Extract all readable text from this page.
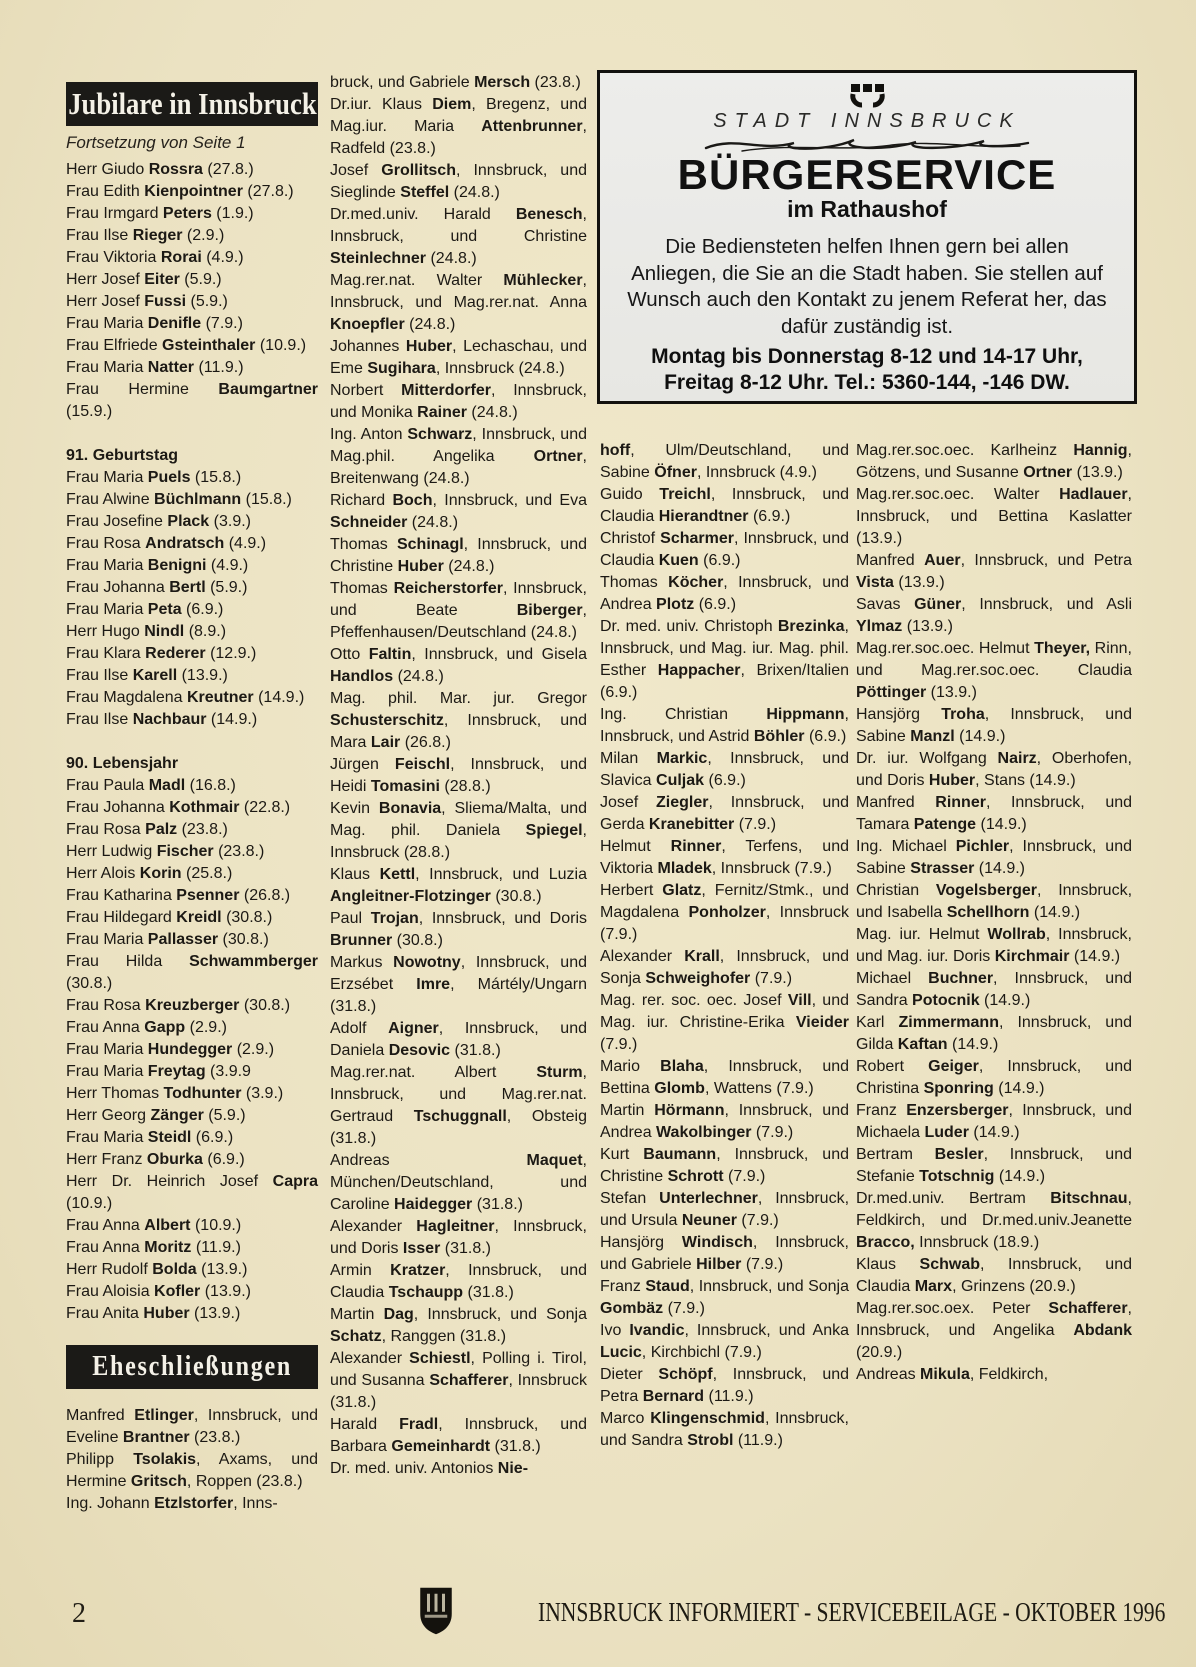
Jubilare in Innsbruck

Fortsetzung von Seite 1

Herr Giudo Rossra (27.8.)

Frau Edith Kienpointner (27.8.)

Frau Irmgard Peters (1.9.)

Frau Ilse Rieger (2.9.)

Frau Viktoria Rorai (4.9.)

Herr Josef Eiter (5.9.)

Herr Josef Fussi (5.9.)

Frau Maria Denifle (7.9.)

Frau Elfriede Gsteinthaler (10.9.)

Frau Maria Natter (11.9.)

Frau Hermine Baumgartner (15.9.)

91. Geburtstag

Frau Maria Puels (15.8.)

Frau Alwine Büchlmann (15.8.)

Frau Josefine Plack (3.9.)

Frau Rosa Andratsch (4.9.)

Frau Maria Benigni (4.9.)

Frau Johanna Bertl (5.9.)

Frau Maria Peta (6.9.)

Herr Hugo Nindl (8.9.)

Frau Klara Rederer (12.9.)

Frau Ilse Karell (13.9.)

Frau Magdalena Kreutner (14.9.)

Frau Ilse Nachbaur (14.9.)

90. Lebensjahr

Frau Paula Madl (16.8.)

Frau Johanna Kothmair (22.8.)

Frau Rosa Palz (23.8.)

Herr Ludwig Fischer (23.8.)

Herr Alois Korin (25.8.)

Frau Katharina Psenner (26.8.)

Frau Hildegard Kreidl (30.8.)

Frau Maria Pallasser (30.8.)

Frau Hilda Schwammberger (30.8.)

Frau Rosa Kreuzberger (30.8.)

Frau Anna Gapp (2.9.)

Frau Maria Hundegger (2.9.)

Frau Maria Freytag (3.9.9

Herr Thomas Todhunter (3.9.)

Herr Georg Zänger (5.9.)

Frau Maria Steidl (6.9.)

Herr Franz Oburka (6.9.)

Herr Dr. Heinrich Josef Capra (10.9.)

Frau Anna Albert (10.9.)

Frau Anna Moritz (11.9.)

Herr Rudolf Bolda (13.9.)

Frau Aloisia Kofler (13.9.)

Frau Anita Huber (13.9.)

Eheschließungen

Manfred Etlinger, Innsbruck, und Eveline Brantner (23.8.)

Philipp Tsolakis, Axams, und Hermine Gritsch, Roppen (23.8.)

Ing. Johann Etzlstorfer, Inns-

bruck, und Gabriele Mersch (23.8.)

Dr.iur. Klaus Diem, Bregenz, und Mag.iur. Maria Attenbrunner, Radfeld (23.8.)

Josef Grollitsch, Innsbruck, und Sieglinde Steffel (24.8.)

Dr.med.univ. Harald Benesch, Innsbruck, und Christine Steinlechner (24.8.)

Mag.rer.nat. Walter Mühlecker, Innsbruck, und Mag.rer.nat. Anna Knoepfler (24.8.)

Johannes Huber, Lechaschau, und Eme Sugihara, Innsbruck (24.8.)

Norbert Mitterdorfer, Innsbruck, und Monika Rainer (24.8.)

Ing. Anton Schwarz, Innsbruck, und Mag.phil. Angelika Ortner, Breitenwang (24.8.)

Richard Boch, Innsbruck, und Eva Schneider (24.8.)

Thomas Schinagl, Innsbruck, und Christine Huber (24.8.)

Thomas Reicherstorfer, Innsbruck, und Beate Biberger, Pfeffenhausen/Deutschland (24.8.)

Otto Faltin, Innsbruck, und Gisela Handlos (24.8.)

Mag. phil. Mar. jur. Gregor Schusterschitz, Innsbruck, und Mara Lair (26.8.)

Jürgen Feischl, Innsbruck, und Heidi Tomasini (28.8.)

Kevin Bonavia, Sliema/Malta, und Mag. phil. Daniela Spiegel, Innsbruck (28.8.)

Klaus Kettl, Innsbruck, und Luzia Angleitner-Flotzinger (30.8.)

Paul Trojan, Innsbruck, und Doris Brunner (30.8.)

Markus Nowotny, Innsbruck, und Erzsébet Imre, Mártély/Ungarn (31.8.)

Adolf Aigner, Innsbruck, und Daniela Desovic (31.8.)

Mag.rer.nat. Albert Sturm, Innsbruck, und Mag.rer.nat. Gertraud Tschuggnall, Obsteig (31.8.)

Andreas Maquet, München/Deutschland, und Caroline Haidegger (31.8.)

Alexander Hagleitner, Innsbruck, und Doris Isser (31.8.)

Armin Kratzer, Innsbruck, und Claudia Tschaupp (31.8.)

Martin Dag, Innsbruck, und Sonja Schatz, Ranggen (31.8.)

Alexander Schiestl, Polling i. Tirol, und Susanna Schafferer, Innsbruck (31.8.)

Harald Fradl, Innsbruck, und Barbara Gemeinhardt (31.8.)

Dr. med. univ. Antonios Nie-

STADT INNSBRUCK
BÜRGERSERVICE
im Rathaushof

Die Bediensteten helfen Ihnen gern bei allen Anliegen, die Sie an die Stadt haben. Sie stellen auf Wunsch auch den Kontakt zu jenem Referat her, das dafür zuständig ist.

Montag bis Donnerstag 8-12 und 14-17 Uhr,
Freitag 8-12 Uhr. Tel.: 5360-144, -146 DW.

hoff, Ulm/Deutschland, und Sabine Öfner, Innsbruck (4.9.)

Guido Treichl, Innsbruck, und Claudia Hierandtner (6.9.)

Christof Scharmer, Innsbruck, und Claudia Kuen (6.9.)

Thomas Köcher, Innsbruck, und Andrea Plotz (6.9.)

Dr. med. univ. Christoph Brezinka, Innsbruck, und Mag. iur. Mag. phil. Esther Happacher, Brixen/Italien (6.9.)

Ing. Christian Hippmann, Innsbruck, und Astrid Böhler (6.9.)

Milan Markic, Innsbruck, und Slavica Culjak (6.9.)

Josef Ziegler, Innsbruck, und Gerda Kranebitter (7.9.)

Helmut Rinner, Terfens, und Viktoria Mladek, Innsbruck (7.9.)

Herbert Glatz, Fernitz/Stmk., und Magdalena Ponholzer, Innsbruck (7.9.)

Alexander Krall, Innsbruck, und Sonja Schweighofer (7.9.)

Mag. rer. soc. oec. Josef Vill, und Mag. iur. Christine-Erika Vieider (7.9.)

Mario Blaha, Innsbruck, und Bettina Glomb, Wattens (7.9.)

Martin Hörmann, Innsbruck, und Andrea Wakolbinger (7.9.)

Kurt Baumann, Innsbruck, und Christine Schrott (7.9.)

Stefan Unterlechner, Innsbruck, und Ursula Neuner (7.9.)

Hansjörg Windisch, Innsbruck, und Gabriele Hilber (7.9.)

Franz Staud, Innsbruck, und Sonja Gombäz (7.9.)

Ivo Ivandic, Innsbruck, und Anka Lucic, Kirchbichl (7.9.)

Dieter Schöpf, Innsbruck, und Petra Bernard (11.9.)

Marco Klingenschmid, Innsbruck, und Sandra Strobl (11.9.)

Mag.rer.soc.oec. Karlheinz Hannig, Götzens, und Susanne Ortner (13.9.)

Mag.rer.soc.oec. Walter Hadlauer, Innsbruck, und Bettina Kaslatter (13.9.)

Manfred Auer, Innsbruck, und Petra Vista (13.9.)

Savas Güner, Innsbruck, und Asli Ylmaz (13.9.)

Mag.rer.soc.oec. Helmut Theyer, Rinn, und Mag.rer.soc.oec. Claudia Pöttinger (13.9.)

Hansjörg Troha, Innsbruck, und Sabine Manzl (14.9.)

Dr. iur. Wolfgang Nairz, Oberhofen, und Doris Huber, Stans (14.9.)

Manfred Rinner, Innsbruck, und Tamara Patenge (14.9.)

Ing. Michael Pichler, Innsbruck, und Sabine Strasser (14.9.)

Christian Vogelsberger, Innsbruck, und Isabella Schellhorn (14.9.)

Mag. iur. Helmut Wollrab, Innsbruck, und Mag. iur. Doris Kirchmair (14.9.)

Michael Buchner, Innsbruck, und Sandra Potocnik (14.9.)

Karl Zimmermann, Innsbruck, und Gilda Kaftan (14.9.)

Robert Geiger, Innsbruck, und Christina Sponring (14.9.)

Franz Enzersberger, Innsbruck, und Michaela Luder (14.9.)

Bertram Besler, Innsbruck, und Stefanie Totschnig (14.9.)

Dr.med.univ. Bertram Bitschnau, Feldkirch, und Dr.med.univ.Jeanette Bracco, Innsbruck (18.9.)

Klaus Schwab, Innsbruck, und Claudia Marx, Grinzens (20.9.)

Mag.rer.soc.oex. Peter Schafferer, Innsbruck, und Angelika Abdank (20.9.)

Andreas Mikula, Feldkirch,

2	INNSBRUCK INFORMIERT - SERVICEBEILAGE - OKTOBER 1996
